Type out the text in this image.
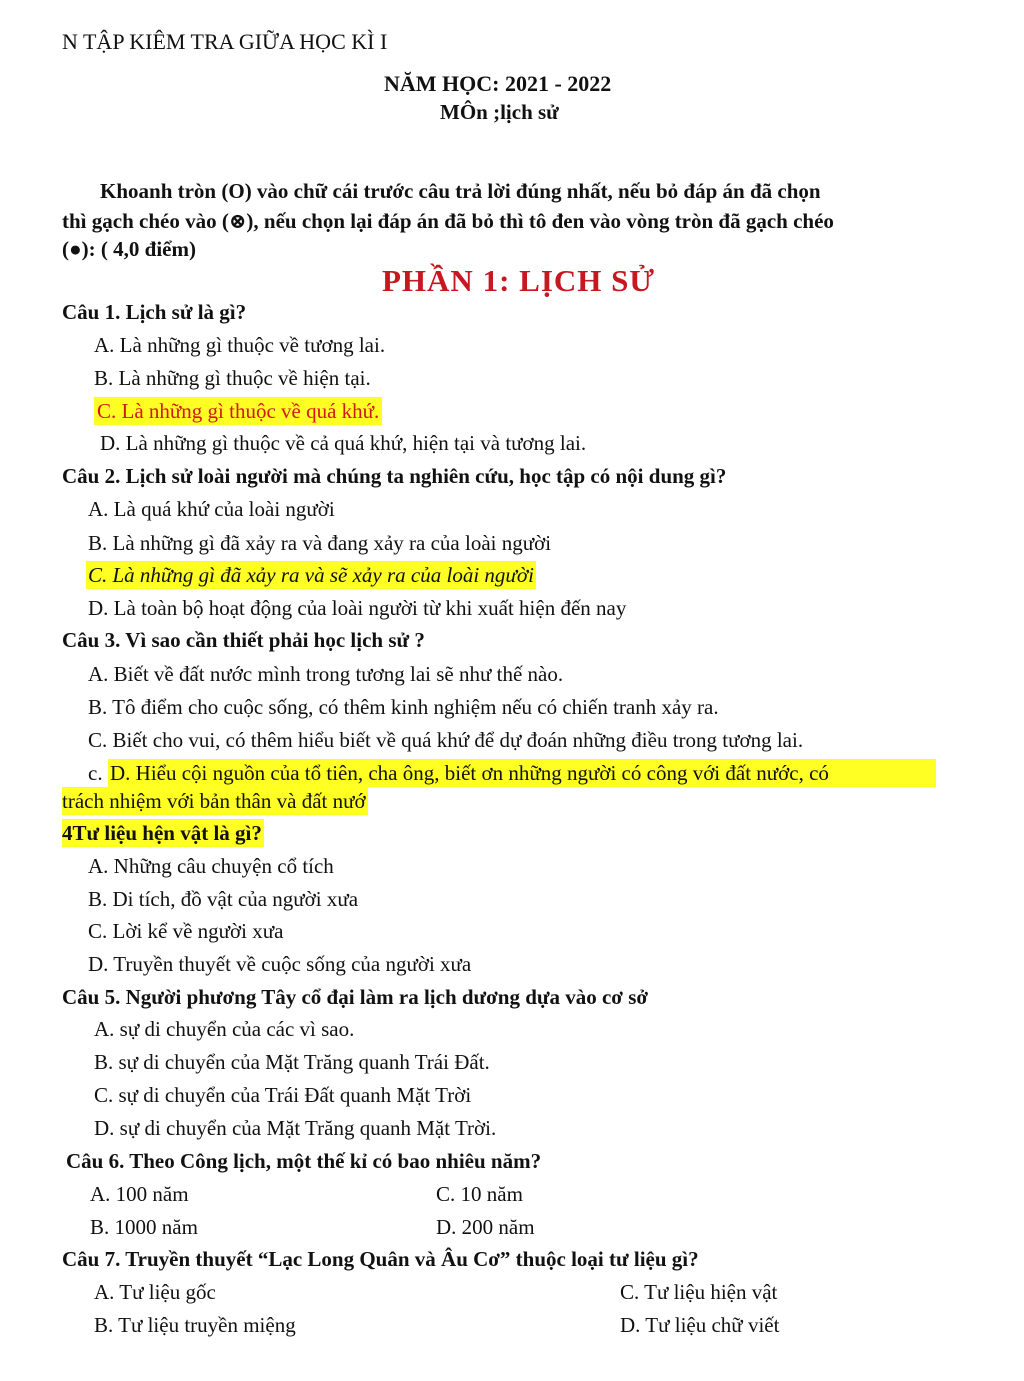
N TẬP KIÊM TRA GIỮA HỌC KÌ I
NĂM HỌC: 2021 - 2022
MÔn ;lịch sử
Khoanh tròn (O) vào chữ cái trước câu trả lời đúng nhất, nếu bỏ đáp án đã chọn
thì gạch chéo vào (⊗), nếu chọn lại đáp án đã bỏ thì tô đen vào vòng tròn đã gạch chéo
(●): ( 4,0 điểm)
PHẦN 1: LỊCH SỬ
Câu 1. Lịch sử là gì?
A. Là những gì thuộc về tương lai.
B. Là những gì thuộc về hiện tại.
C. Là những gì thuộc về quá khứ.
D. Là những gì thuộc về cả quá khứ, hiện tại và tương lai.
Câu 2. Lịch sử loài người mà chúng ta nghiên cứu, học tập có nội dung gì?
A. Là quá khứ của loài người
B. Là những gì đã xảy ra và đang xảy ra của loài người
C. Là những gì đã xảy ra và sẽ xảy ra của loài người
D. Là toàn bộ hoạt động của loài người từ khi xuất hiện đến nay
Câu 3. Vì sao cần thiết phải học lịch sử ?
A. Biết về đất nước mình trong tương lai sẽ như thế nào.
B. Tô điểm cho cuộc sống, có thêm kinh nghiệm nếu có chiến tranh xảy ra.
C. Biết cho vui, có thêm hiểu biết về quá khứ để dự đoán những điều trong tương lai.
c. D. Hiểu cội nguồn của tổ tiên, cha ông, biết ơn những người có công với đất nước, có
trách nhiệm với bản thân và đất nướ
4Tư liệu hện vật là gì?
A. Những câu chuyện cổ tích
B. Di tích, đồ vật của người xưa
C. Lời kể về người xưa
D. Truyền thuyết về cuộc sống của người xưa
Câu 5. Người phương Tây cổ đại làm ra lịch dương dựa vào cơ sở
A. sự di chuyển của các vì sao.
B. sự di chuyển của Mặt Trăng quanh Trái Đất.
C. sự di chuyển của Trái Đất quanh Mặt Trời
D. sự di chuyển của Mặt Trăng quanh Mặt Trời.
Câu 6. Theo Công lịch, một thế kỉ có bao nhiêu năm?
A. 100 năm	C. 10 năm
B. 1000 năm	D. 200 năm
Câu 7. Truyền thuyết “Lạc Long Quân và Âu Cơ” thuộc loại tư liệu gì?
A. Tư liệu gốc	C. Tư liệu hiện vật
B. Tư liệu truyền miệng	D. Tư liệu chữ viết
